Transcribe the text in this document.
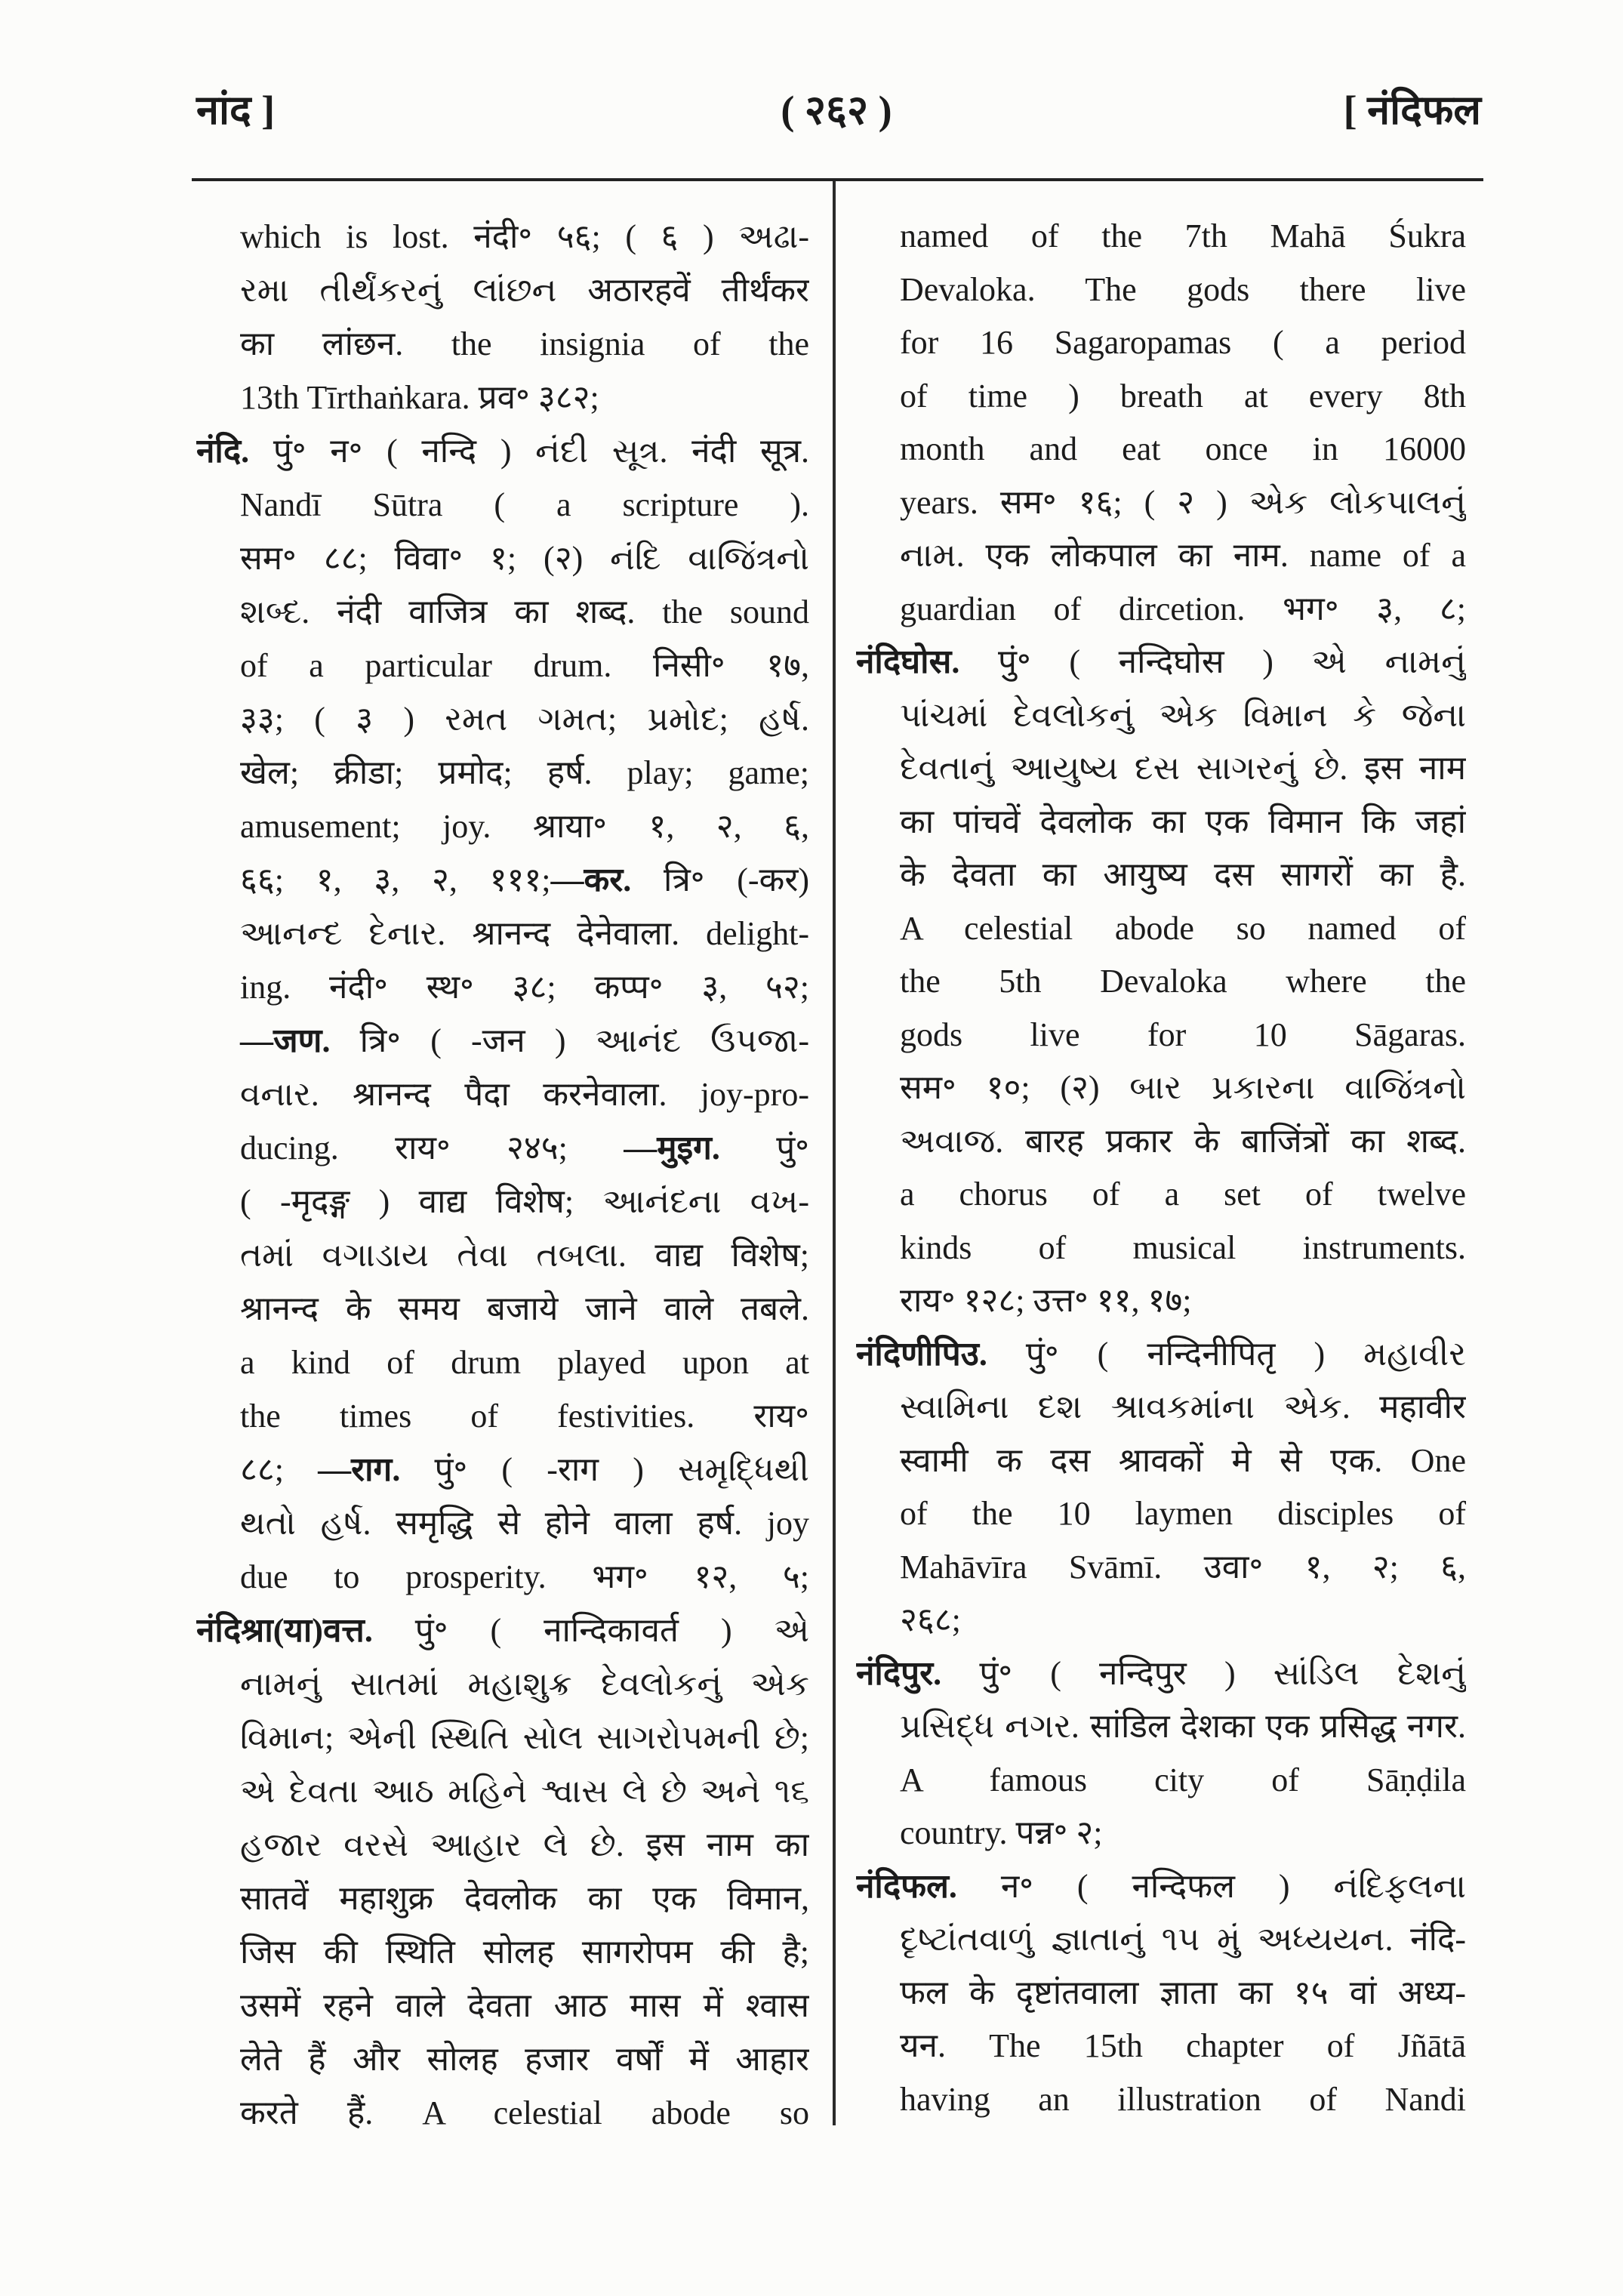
नांद ]	( २६२ )	[ नंदिफल
which is lost. नंदी॰ ५६; ( ६ ) અઢા-
રમા તીર્થંકરનું લાંછન अठारहवें तीर्थंकर
का लांछन. the insignia of the
13th Tīrthaṅkara. प्रव॰ ३८२;
नंदि. पुं॰ न॰ ( नन्दि ) નંદી સૂત્ર. नंदी सूत्र.
Nandī Sūtra ( a scripture ).
सम॰ ८८; विवा॰ १; (२) નંદિ વાજિંત્રનો
શબ્દ. नंदी वाजित्र का शब्द. the sound
of a particular drum. निसी॰ १७,
३३; ( ३ ) રમત ગમત; પ્રમોદ; હર્ષ.
खेल; क्रीडा; प्रमोद; हर्ष. play; game;
amusement; joy. श्राया॰ १, २, ६,
६६; १, ३, २, १११;—कर. त्रि॰ (-कर)
આનન્દ દેનાર. श्रानन्द देनेवाला. delight-
ing. नंदी॰ स्थ॰ ३८; कप्प॰ ३, ५२;
—जण. त्रि॰ ( -जन ) આનંદ ઉપજા-
વનાર. श्रानन्द पैदा करनेवाला. joy-pro-
ducing. राय॰ २४५; —मुइग. पुं॰
( -मृदङ्ग ) वाद्य विशेष; આનંદના વખ-
તમાં વગાડાય તેવા તબલા. वाद्य विशेष;
श्रानन्द के समय बजाये जाने वाले तबले.
a kind of drum played upon at
the times of festivities. राय॰
८८; —राग. पुं॰ ( -राग ) સમૃદ્ધિથી
થતો હર્ષ. समृद्धि से होने वाला हर्ष. joy
due to prosperity. भग॰ १२, ५;
नंदिश्रा(या)वत्त. पुं॰ ( नान्दिकावर्त ) એ
નામનું સાતમાં મહાશુક્ર દેવલોકનું એક
વિમાન; એની સ્થિતિ સોલ સાગરોપમની છે;
એ દેવતા આઠ મહિને શ્વાસ લે છે અને ૧૬
હજાર વરસે આહાર લે છે. इस नाम का
सातवें महाशुक्र देवलोक का एक विमान,
जिस की स्थिति सोलह सागरोपम की है;
उसमें रहने वाले देवता आठ मास में श्वास
लेते हैं और सोलह हजार वर्षों में आहार
करते हैं. A celestial abode so
named of the 7th Mahā Śukra
Devaloka. The gods there live
for 16 Sagaropamas ( a period
of time ) breath at every 8th
month and eat once in 16000
years. सम॰ १६; ( २ ) એક લોકપાલનું
નામ. एक लोकपाल का नाम. name of a
guardian of dircetion. भग॰ ३, ८;
नंदिघोस. पुं॰ ( नन्दिघोस ) એ નામનું
પાંચમાં દેવલોકનું એક વિમાન કે જેના
દેવતાનું આયુષ્ય દસ સાગરનું છે. इस नाम
का पांचवें देवलोक का एक विमान कि जहां
के देवता का आयुष्य दस सागरों का है.
A celestial abode so named of
the 5th Devaloka where the
gods live for 10 Sāgaras.
सम॰ १०; (२) બાર પ્રકારના વાજિંત્રનો
અવાજ. बारह प्रकार के बाजिंत्रों का शब्द.
a chorus of a set of twelve
kinds of musical instruments.
राय॰ १२८; उत्त॰ ११, १७;
नंदिणीपिउ. पुं॰ ( नन्दिनीपितृ ) મહાવીર
સ્વામિના દશ શ્રાવકમાંના એક. महावीर
स्वामी क दस श्रावकों मे से एक. One
of the 10 laymen disciples of
Mahāvīra Svāmī. उवा॰ १, २; ६,
२६८;
नंदिपुर. पुं॰ ( नन्दिपुर ) સાંડિલ દેશનું
પ્રસિદ્ધ નગર. सांडिल देशका एक प्रसिद्ध नगर.
A famous city of Sāṇḍila
country. पन्न॰ २;
नंदिफल. न॰ ( नन्दिफल ) નંદિફલના
દૃષ્ટાંતવાળું જ્ઞાતાનું ૧૫ મું અધ્યયન. नंदि-
फल के दृष्टांतवाला ज्ञाता का १५ वां अध्य-
यन. The 15th chapter of Jñātā
having an illustration of Nandi
